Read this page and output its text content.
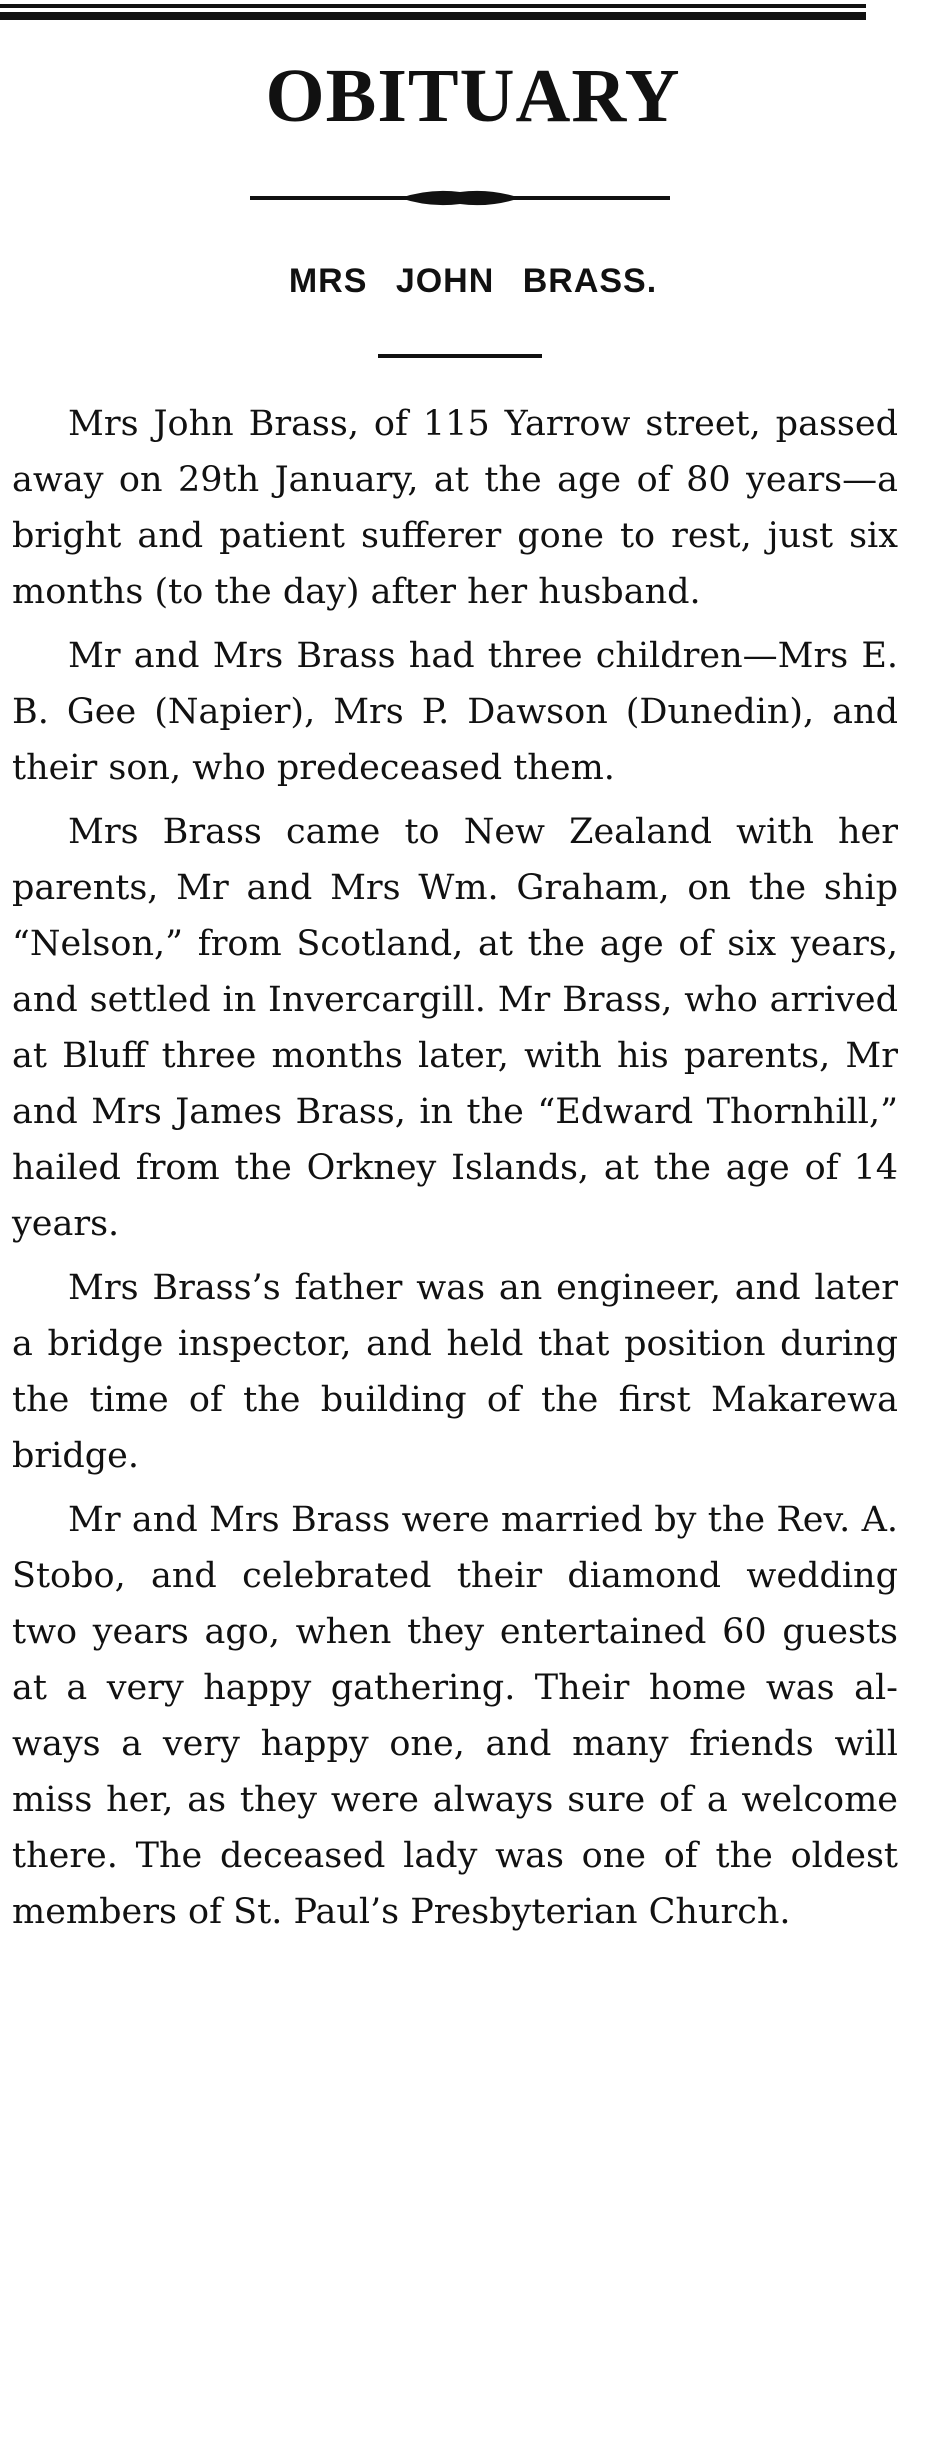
OBITUARY
MRS JOHN BRASS.

Mrs John Brass, of 115 Yarrow street, passed away on 29th January, at the age of 80 years—a bright and patient sufferer gone to rest, just six months (to the day) after her husband.

Mr and Mrs Brass had three children—Mrs E. B. Gee (Napier), Mrs P. Dawson (Dunedin), and their son, who predeceased them.

Mrs Brass came to New Zealand with her parents, Mr and Mrs Wm. Graham, on the ship “Nelson,” from Scotland, at the age of six years, and settled in Invercargill. Mr Brass, who arrived at Bluff three months later, with his parents, Mr and Mrs James Brass, in the “Edward Thornhill,” hailed from the Orkney Islands, at the age of 14 years.

Mrs Brass’s father was an engineer, and later a bridge inspector, and held that position during the time of the building of the first Makarewa bridge.

Mr and Mrs Brass were married by the Rev. A. Stobo, and celebrated their diamond wedding two years ago, when they entertained 60 guests at a very happy gathering. Their home was always a very happy one, and many friends will miss her, as they were always sure of a welcome there. The deceased lady was one of the oldest members of St. Paul’s Presbyterian Church.
